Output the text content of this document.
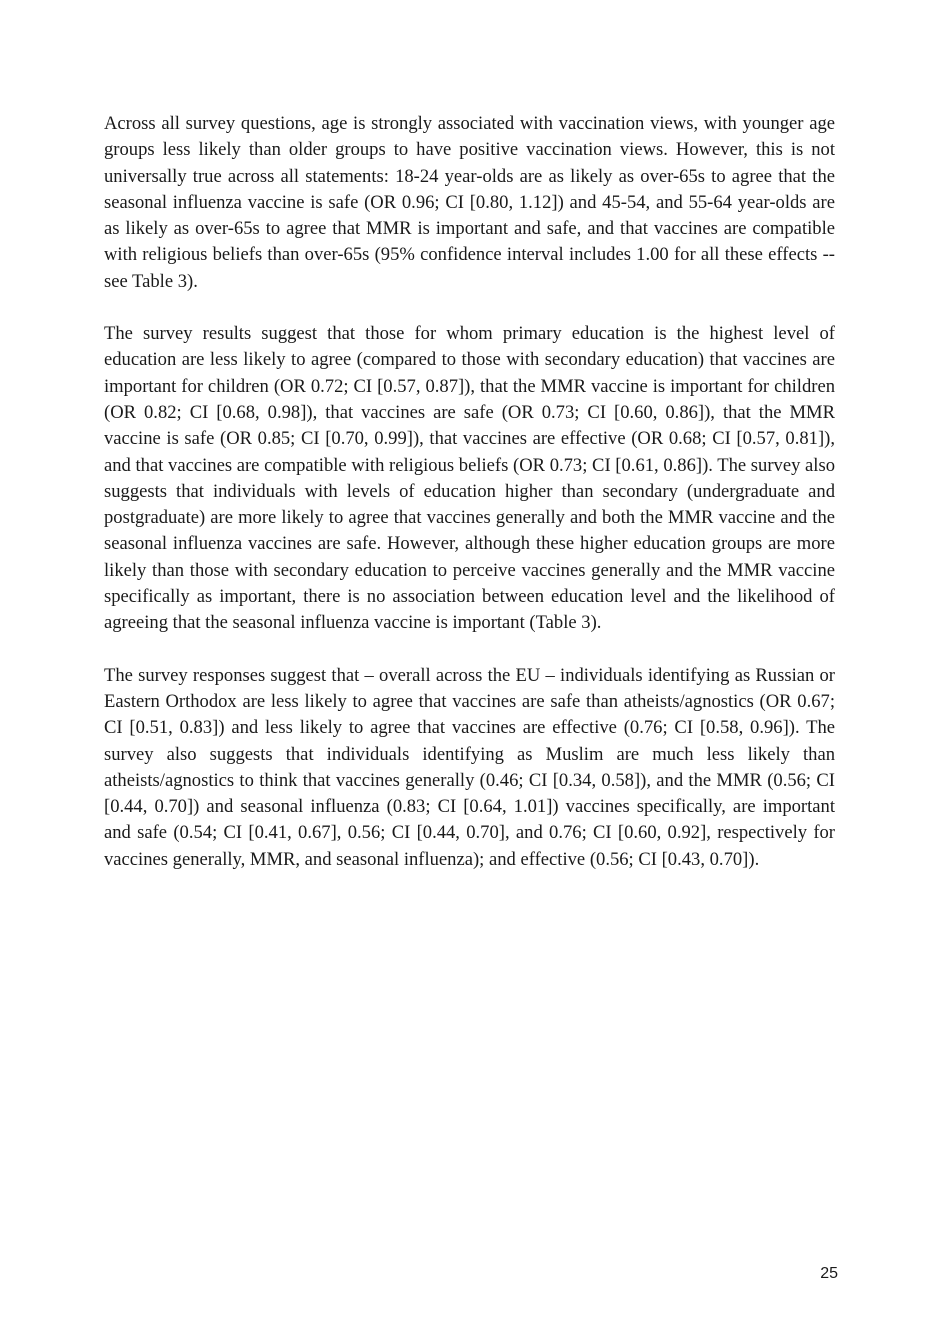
Across all survey questions, age is strongly associated with vaccination views, with younger age groups less likely than older groups to have positive vaccination views. However, this is not universally true across all statements: 18-24 year-olds are as likely as over-65s to agree that the seasonal influenza vaccine is safe (OR 0.96; CI [0.80, 1.12]) and 45-54, and 55-64 year-olds are as likely as over-65s to agree that MMR is important and safe, and that vaccines are compatible with religious beliefs than over-65s (95% confidence interval includes 1.00 for all these effects -- see Table 3).

The survey results suggest that those for whom primary education is the highest level of education are less likely to agree (compared to those with secondary education) that vaccines are important for children (OR 0.72; CI [0.57, 0.87]), that the MMR vaccine is important for children (OR 0.82; CI [0.68, 0.98]), that vaccines are safe (OR 0.73; CI [0.60, 0.86]), that the MMR vaccine is safe (OR 0.85; CI [0.70, 0.99]), that vaccines are effective (OR 0.68; CI [0.57, 0.81]), and that vaccines are compatible with religious beliefs (OR 0.73; CI [0.61, 0.86]). The survey also suggests that individuals with levels of education higher than secondary (undergraduate and postgraduate) are more likely to agree that vaccines generally and both the MMR vaccine and the seasonal influenza vaccines are safe. However, although these higher education groups are more likely than those with secondary education to perceive vaccines generally and the MMR vaccine specifically as important, there is no association between education level and the likelihood of agreeing that the seasonal influenza vaccine is important (Table 3).

The survey responses suggest that – overall across the EU – individuals identifying as Russian or Eastern Orthodox are less likely to agree that vaccines are safe than atheists/agnostics (OR 0.67; CI [0.51, 0.83]) and less likely to agree that vaccines are effective (0.76; CI [0.58, 0.96]). The survey also suggests that individuals identifying as Muslim are much less likely than atheists/agnostics to think that vaccines generally (0.46; CI [0.34, 0.58]), and the MMR (0.56; CI [0.44, 0.70]) and seasonal influenza (0.83; CI [0.64, 1.01]) vaccines specifically, are important and safe (0.54; CI [0.41, 0.67], 0.56; CI [0.44, 0.70], and 0.76; CI [0.60, 0.92], respectively for vaccines generally, MMR, and seasonal influenza); and effective (0.56; CI [0.43, 0.70]).

25
